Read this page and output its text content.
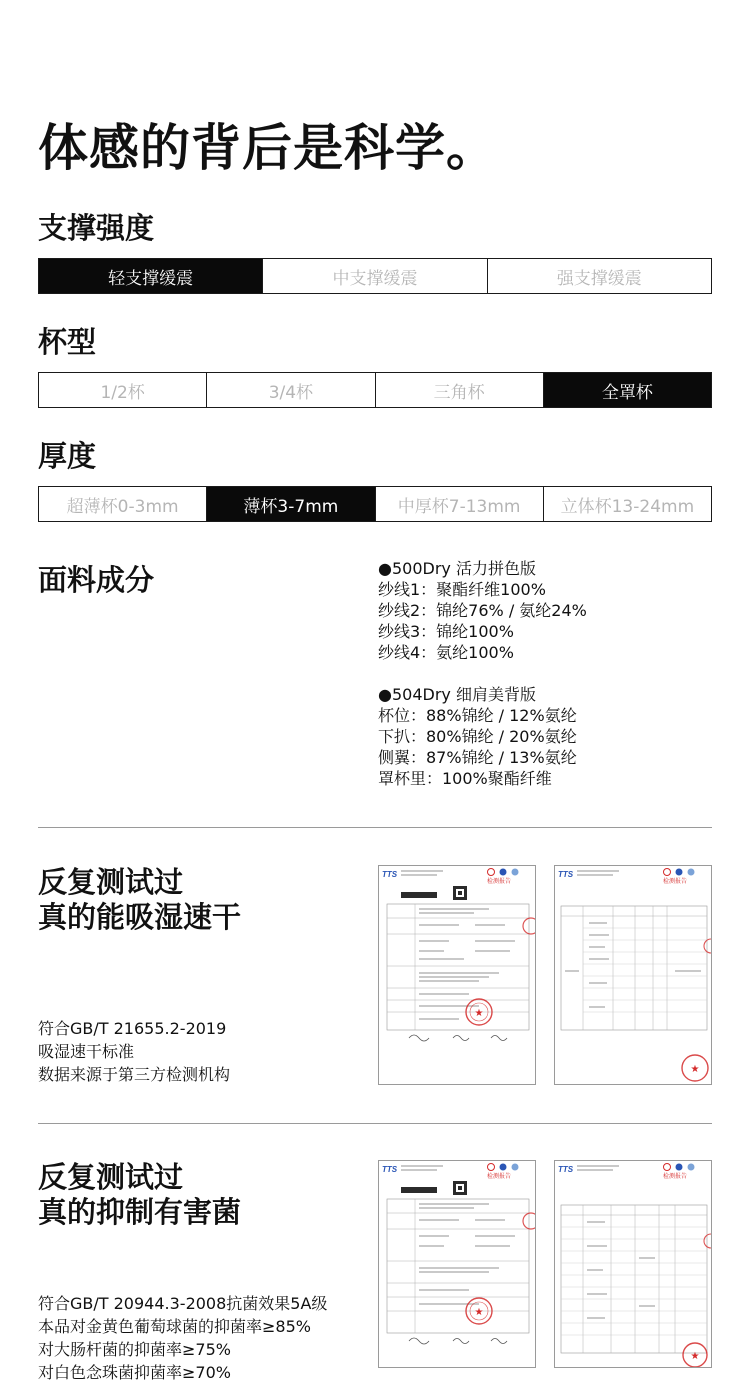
体感的背后是科学。
支撑强度
轻支撑缓震	中支撑缓震	强支撑缓震
杯型
1/2杯	3/4杯	三角杯	全罩杯
厚度
超薄杯0-3mm	薄杯3-7mm	中厚杯7-13mm	立体杯13-24mm
面料成分	●500Dry 活力拼色版
纱线1：聚酯纤维100%
纱线2：锦纶76% / 氨纶24%
纱线3：锦纶100%
纱线4：氨纶100%
●504Dry 细肩美背版
杯位：88%锦纶 / 12%氨纶
下扒：80%锦纶 / 20%氨纶
侧翼：87%锦纶 / 13%氨纶
罩杯里：100%聚酯纤维
反复测试过
真的能吸湿速干
符合GB/T 21655.2-2019
吸湿速干标准
数据来源于第三方检测机构
TTS
检测报告
★
TTS
检测报告
★
反复测试过
真的抑制有害菌
符合GB/T 20944.3-2008抗菌效果5A级
本品对金黄色葡萄球菌的抑菌率≥85%
对大肠杆菌的抑菌率≥75%
对白色念珠菌抑菌率≥70%
TTS
检测报告
★
TTS
检测报告
★
